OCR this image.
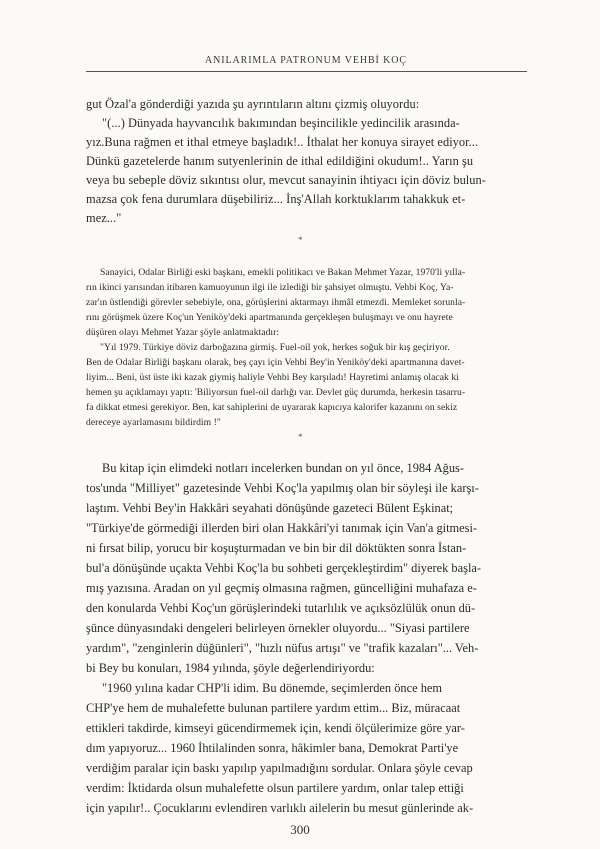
ANILARIMLA PATRONUM VEHBİ KOÇ
gut Özal'a gönderdiği yazıda şu ayrıntıların altını çizmiş oluyordu:
"(...) Dünyada hayvancılık bakımından beşincilikle yedincilik arasında-
yız.Buna rağmen et ithal etmeye başladık!.. İthalat her konuya sirayet ediyor...
Dünkü gazetelerde hanım sutyenlerinin de ithal edildiğini okudum!.. Yarın şu
veya bu sebeple döviz sıkıntısı olur, mevcut sanayinin ihtiyacı için döviz bulun-
mazsa çok fena durumlara düşebiliriz... İnş'Allah korktuklarım tahakkuk et-
mez..."
*
Sanayici, Odalar Birliği eski başkanı, emekli politikacı ve Bakan Mehmet Yazar, 1970'li yılla-
rın ikinci yarısından itibaren kamuoyunun ilgi ile izlediği bir şahsiyet olmuştu. Vehbi Koç, Ya-
zar'ın üstlendiği görevler sebebiyle, ona, görüşlerini aktarmayı ihmâl etmezdi. Memleket sorunla-
rını görüşmek üzere Koç'un Yeniköy'deki apartmanında gerçekleşen buluşmayı ve onu hayrete
düşüren olayı Mehmet Yazar şöyle anlatmaktadır:
"Yıl 1979. Türkiye döviz darboğazına girmiş. Fuel-oil yok, herkes soğuk bir kış geçiriyor.
Ben de Odalar Birliği başkanı olarak, beş çayı için Vehbi Bey'in Yeniköy'deki apartmanına davet-
liyim... Beni, üst üste iki kazak giymiş haliyle Vehbi Bey karşıladı! Hayretimi anlamış olacak ki
hemen şu açıklamayı yaptı: 'Biliyorsun fuel-oil darlığı var. Devlet güç durumda, herkesin tasarru-
fa dikkat etmesi gerekiyor. Ben, kat sahiplerini de uyararak kapıcıya kalorifer kazanını on sekiz
dereceye ayarlamasını bildirdim !"
*
Bu kitap için elimdeki notları incelerken bundan on yıl önce, 1984 Ağus-
tos'unda "Milliyet" gazetesinde Vehbi Koç'la yapılmış olan bir söyleşi ile karşı-
laştım. Vehbi Bey'in Hakkâri seyahati dönüşünde gazeteci Bülent Eşkinat;
"Türkiye'de görmediği illerden biri olan Hakkâri'yi tanımak için Van'a gitmesi-
ni fırsat bilip, yorucu bir koşuşturmadan ve bin bir dil döktükten sonra İstan-
bul'a dönüşünde uçakta Vehbi Koç'la bu sohbeti gerçekleştirdim" diyerek başla-
mış yazısına. Aradan on yıl geçmiş olmasına rağmen, güncelliğini muhafaza e-
den konularda Vehbi Koç'un görüşlerindeki tutarlılık ve açıksözlülük onun dü-
şünce dünyasındaki dengeleri belirleyen örnekler oluyordu... "Siyasi partilere
yardım", "zenginlerin düğünleri", "hızlı nüfus artışı" ve "trafik kazaları"... Veh-
bi Bey bu konuları, 1984 yılında, şöyle değerlendiriyordu:
"1960 yılına kadar CHP'li idim. Bu dönemde, seçimlerden önce hem
CHP'ye hem de muhalefette bulunan partilere yardım ettim... Biz, müracaat
ettikleri takdirde, kimseyi gücendirmemek için, kendi ölçülerimize göre yar-
dım yapıyoruz... 1960 İhtilalinden sonra, hâkimler bana, Demokrat Parti'ye
verdiğim paralar için baskı yapılıp yapılmadığını sordular. Onlara şöyle cevap
verdim: İktidarda olsun muhalefette olsun partilere yardım, onlar talep ettiği
için yapılır!.. Çocuklarını evlendiren varlıklı ailelerin bu mesut günlerinde ak-
300
